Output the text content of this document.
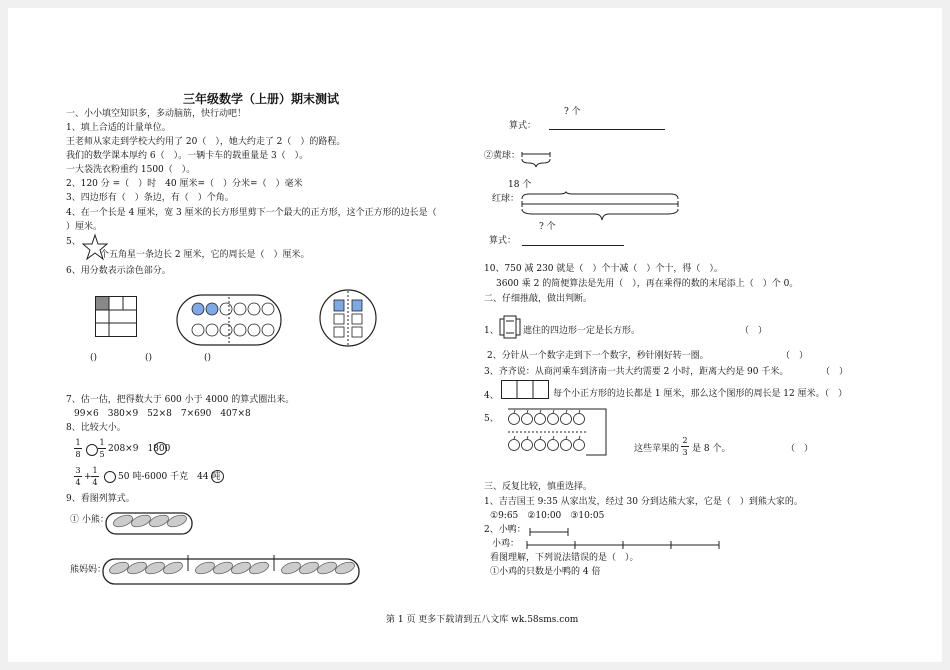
三年级数学（上册）期末测试
一、小小填空知识多，多动脑筋，快行动吧！
1、填上合适的计量单位。
王老师从家走到学校大约用了 20（　），她大约走了 2（　）的路程。
我们的数学课本厚约 6（　）。一辆卡车的载重量是 3（　）。
一大袋洗衣粉重约 1500（　）。
2、120 分 =（　）时　40 厘米=（　）分米=（　）毫米
3、四边形有（　）条边，有（　）个角。
4、在一个长是 4 厘米，宽 3 厘米的长方形里剪下一个最大的正方形，这个正方形的边长是（
）厘米。
5、
个五角星一条边长 2 厘米，它的周长是（　）厘米。
6、用分数表示涂色部分。
()	()	()
7、估一估，把得数大于 600 小于 4000 的算式圈出来。
99×6　380×9　52×8　7×690　407×8
8、比较大小。
1
8
1
5
208×9　1800
3
4
+
1
4
50 吨-6000 千克　44 吨
9、看图列算式。
① 小熊：
熊妈妈：
? 个
算式：
②黄球：
18 个
红球：
? 个
算式：
10、750 减 230 就是（　）个十减（　）个十，得（　）。
3600 乘 2 的简便算法是先用（　），再在乘得的数的末尾添上（　）个 0。
二、仔细推敲，做出判断。
1、	遮住的四边形一定是长方形。	（　）
2、分针从一个数字走到下一个数字，秒针刚好转一圈。	（　）
3、齐齐说：从商河乘车到济南一共大约需要 2 小时，距离大约是 90 千米。	（　）
4、	每个小正方形的边长都是 1 厘米，那么这个图形的周长是 12 厘米。（　）
5、
这些苹果的
2
3 是 8 个。	（　）
三、反复比较，慎重选择。
1、吉吉国王 9:35 从家出发，经过 30 分到达熊大家，它是（　）到熊大家的。
①9:65　②10:00　③10:05
2、小鸭：
小鸡：
看图理解，下列说法错误的是（　）。
①小鸡的只数是小鸭的 4 倍
第 1 页 更多下载请到五八文库 wk.58sms.com
